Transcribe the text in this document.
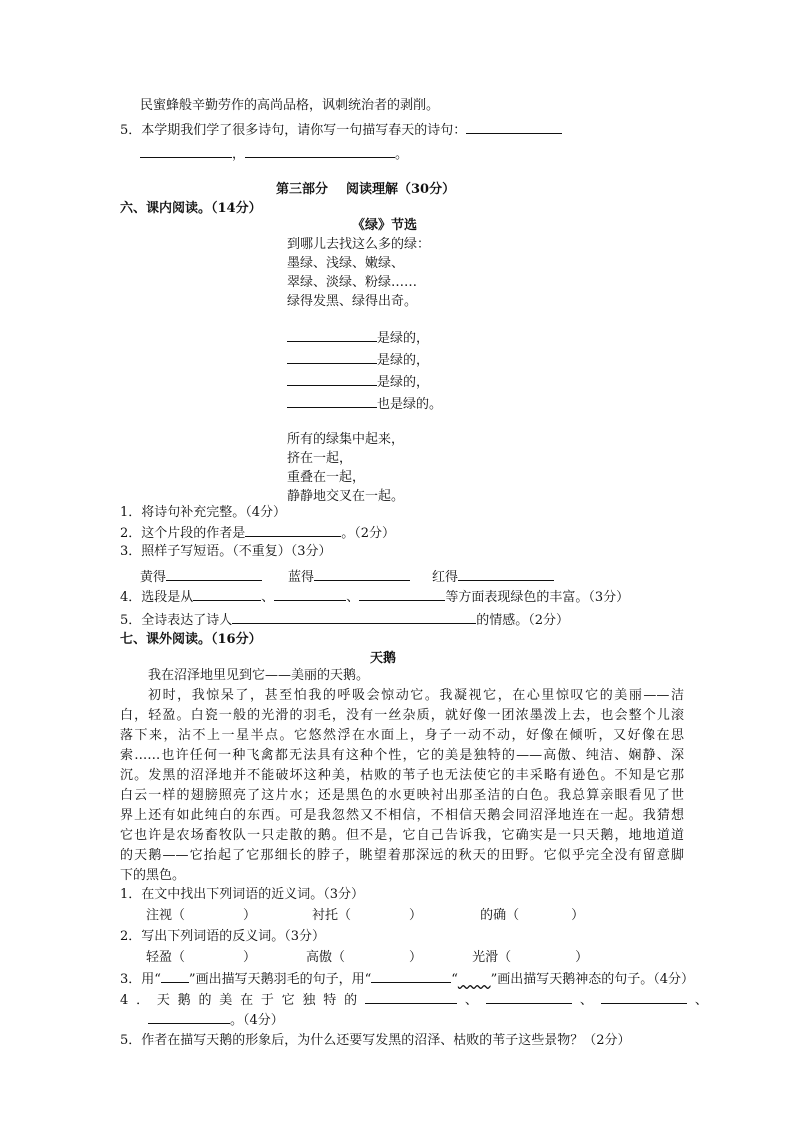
民蜜蜂般辛勤劳作的高尚品格，讽刺统治者的剥削。
5．本学期我们学了很多诗句，请你写一句描写春天的诗句：
，	。
第三部分 阅读理解（30分）
六、课内阅读。（14分）
《绿》节选
到哪儿去找这么多的绿：
墨绿、浅绿、嫩绿、
翠绿、淡绿、粉绿……
绿得发黑、绿得出奇。
是绿的，
是绿的，
是绿的，
也是绿的。
所有的绿集中起来，
挤在一起，
重叠在一起，
静静地交叉在一起。
1．将诗句补充完整。（4分）
2．这个片段的作者是	。（2分）
3．照样子写短语。（不重复）（3分）
黄得	蓝得	红得
4．选段是从	、	、	等方面表现绿色的丰富。（3分）
5．全诗表达了诗人	的情感。（2分）
七、课外阅读。（16分）
天鹅
我在沼泽地里见到它——美丽的天鹅。
初时，我惊呆了，甚至怕我的呼吸会惊动它。我凝视它，在心里惊叹它的美丽——洁
白，轻盈。白瓷一般的光滑的羽毛，没有一丝杂质，就好像一团浓墨泼上去，也会整个儿滚
落下来，沾不上一星半点。它悠然浮在水面上，身子一动不动，好像在倾听，又好像在思
索……也许任何一种飞禽都无法具有这种个性，它的美是独特的——高傲、纯洁、娴静、深
沉。发黑的沼泽地并不能破坏这种美，枯败的苇子也无法使它的丰采略有逊色。不知是它那
白云一样的翅膀照亮了这片水；还是黑色的水更映衬出那圣洁的白色。我总算亲眼看见了世
界上还有如此纯白的东西。可是我忽然又不相信，不相信天鹅会同沼泽地连在一起。我猜想
它也许是农场畜牧队一只走散的鹅。但不是，它自己告诉我，它确实是一只天鹅，地地道道
的天鹅——它抬起了它那细长的脖子，眺望着那深远的秋天的田野。它似乎完全没有留意脚
下的黑色。
1．在文中找出下列词语的近义词。（3分）
注视（	）	衬托（	）	的确（	）
2．写出下列词语的反义词。（3分）
轻盈（	）	高傲（	）	光滑（	）
3．用“ ”画出描写天鹅羽毛的句子，用“	“	”画出描写天鹅神态的句子。（4分）
4．天鹅的美在于它独特的	、	、	、
。（4分）
5．作者在描写天鹅的形象后，为什么还要写发黑的沼泽、枯败的苇子这些景物？（2分）
